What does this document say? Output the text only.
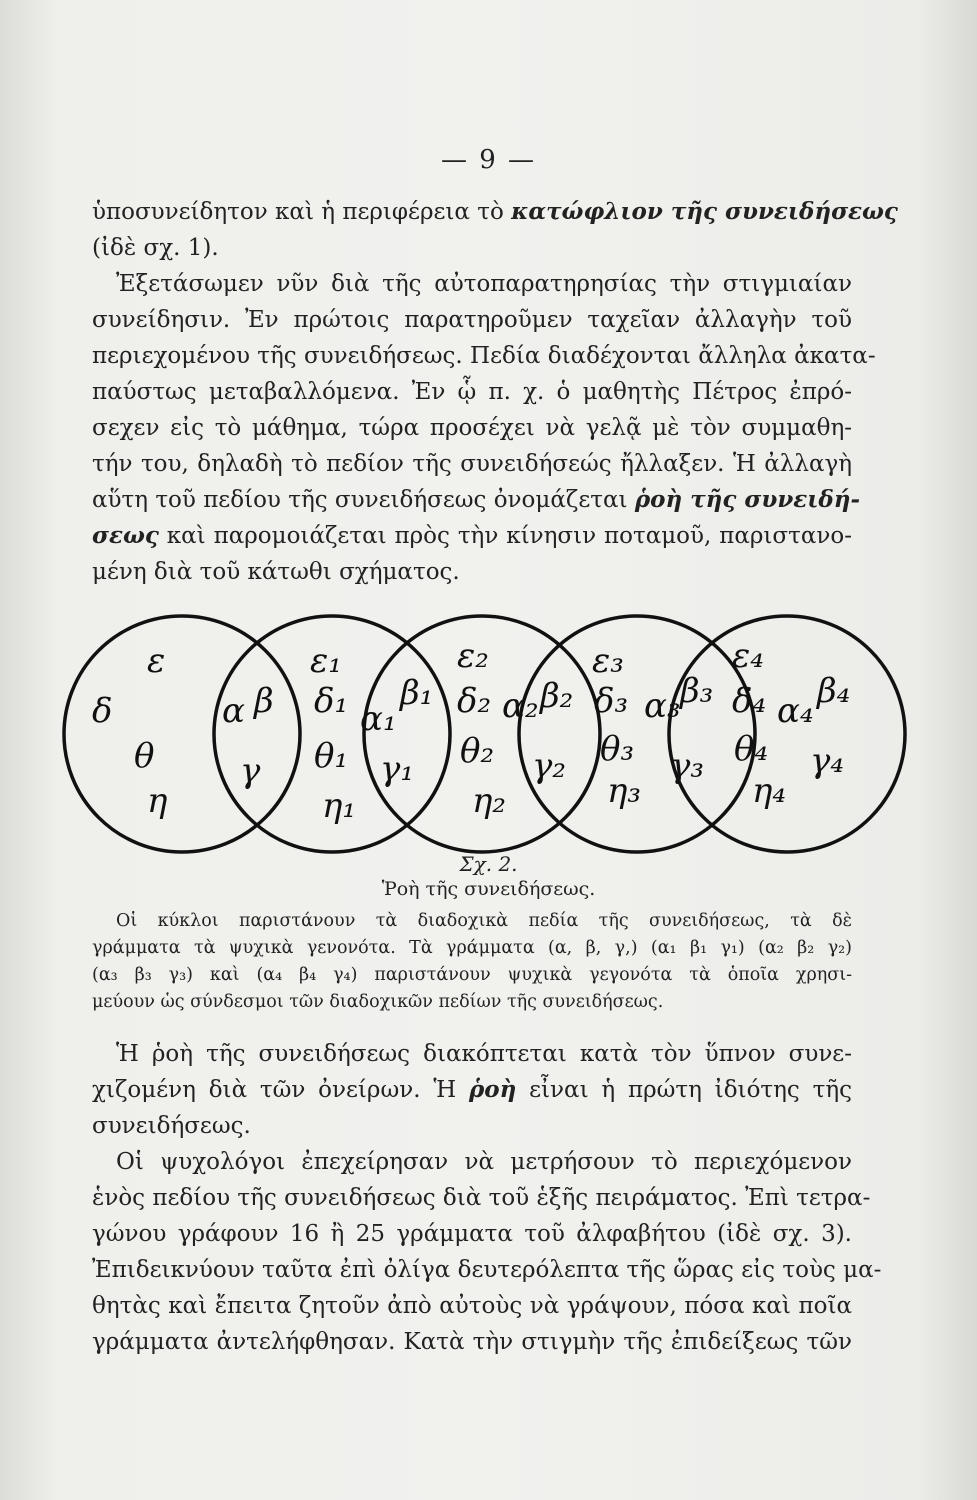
— 9 —
ὑποσυνείδητον καὶ ἡ περιφέρεια τὸ κατώφλιον τῆς συνειδήσεως
(ἰδὲ σχ. 1).
Ἐξετάσωμεν νῦν διὰ τῆς αὐτοπαρατηρησίας τὴν στιγμιαίαν
συνείδησιν. Ἐν πρώτοις παρατηροῦμεν ταχεῖαν ἀλλαγὴν τοῦ
περιεχομένου τῆς συνειδήσεως. Πεδία διαδέχονται ἄλληλα ἀκατα-
παύστως μεταβαλλόμενα. Ἐν ᾧ π. χ. ὁ μαθητὴς Πέτρος ἐπρό-
σεχεν εἰς τὸ μάθημα, τώρα προσέχει νὰ γελᾷ μὲ τὸν συμμαθη-
τήν του, δηλαδὴ τὸ πεδίον τῆς συνειδήσεώς ἤλλαξεν. Ἡ ἀλλαγὴ
αὕτη τοῦ πεδίου τῆς συνειδήσεως ὀνομάζεται ῥοὴ τῆς συνειδή-
σεως καὶ παρομοιάζεται πρὸς τὴν κίνησιν ποταμοῦ, παριστανο-
μένη διὰ τοῦ κάτωθι σχήματος.
ε
δ
θ
η
α β
γ
ε₁
δ₁
θ₁
η₁
α₁
β₁
γ₁
ε₂
δ₂
θ₂
η₂
α₂ β₂
γ₂
ε₃
δ₃
θ₃
η₃
α₃ β₃
γ₃
ε₄
δ₄
θ₄
η₄
α₄ β₄
γ₄
Σχ. 2.
Ῥοὴ τῆς συνειδήσεως.
Οἱ κύκλοι παριστάνουν τὰ διαδοχικὰ πεδία τῆς συνειδήσεως, τὰ δὲ
γράμματα τὰ ψυχικὰ γενονότα. Τὰ γράμματα (α, β, γ,) (α₁ β₁ γ₁) (α₂ β₂ γ₂)
(α₃ β₃ γ₃) καὶ (α₄ β₄ γ₄) παριστάνουν ψυχικὰ γεγονότα τὰ ὁποῖα χρησι-
μεύουν ὡς σύνδεσμοι τῶν διαδοχικῶν πεδίων τῆς συνειδήσεως.
Ἡ ῥοὴ τῆς συνειδήσεως διακόπτεται κατὰ τὸν ὕπνον συνε-
χιζομένη διὰ τῶν ὀνείρων. Ἡ ῥοὴ εἶναι ἡ πρώτη ἰδιότης τῆς
συνειδήσεως.
Οἱ ψυχολόγοι ἐπεχείρησαν νὰ μετρήσουν τὸ περιεχόμενον
ἑνὸς πεδίου τῆς συνειδήσεως διὰ τοῦ ἑξῆς πειράματος. Ἐπὶ τετρα-
γώνου γράφουν 16 ἢ 25 γράμματα τοῦ ἀλφαβήτου (ἰδὲ σχ. 3).
Ἐπιδεικνύουν ταῦτα ἐπὶ ὀλίγα δευτερόλεπτα τῆς ὥρας εἰς τοὺς μα-
θητὰς καὶ ἔπειτα ζητοῦν ἀπὸ αὐτοὺς νὰ γράψουν, πόσα καὶ ποῖα
γράμματα ἀντελήφθησαν. Κατὰ τὴν στιγμὴν τῆς ἐπιδείξεως τῶν
